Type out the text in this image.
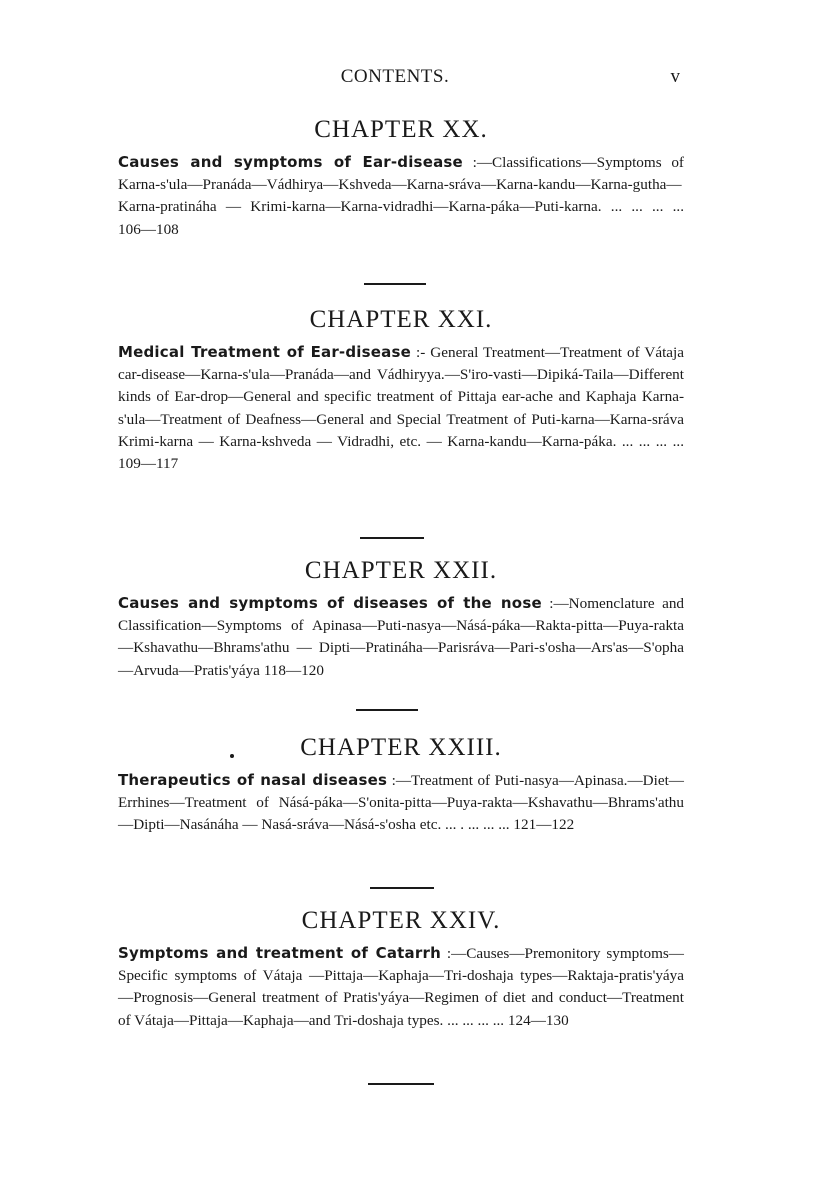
CONTENTS.	v
CHAPTER XX.
Causes and symptoms of Ear-disease :—Classifications—Symptoms of Karna-s'ula—Pranáda—Vádhirya—Kshveda—Karna-sráva—Karna-kandu—Karna-gutha—Karna-pratináha — Krimi-karna—Karna-vidradhi—Karna-páka—Puti-karna. ... ... ... ... 106—108
CHAPTER XXI.
Medical Treatment of Ear-disease :- General Treatment—Treatment of Vátaja car-disease—Karna-s'ula—Pranáda—and Vádhiryya.—S'iro-vasti—Dipiká-Taila—Different kinds of Ear-drop—General and specific treatment of Pittaja ear-ache and Kaphaja Karna-s'ula—Treatment of Deafness—General and Special Treatment of Puti-karna—Karna-sráva Krimi-karna — Karna-kshveda — Vidradhi, etc. — Karna-kandu—Karna-páka. ... ... ... ... 109—117
CHAPTER XXII.
Causes and symptoms of diseases of the nose :—Nomenclature and Classification—Symptoms of Apinasa—Puti-nasya—Násá-páka—Rakta-pitta—Puya-rakta—Kshavathu—Bhrams'athu — Dipti—Pratináha—Parisráva—Pari-s'osha—Ars'as—S'opha—Arvuda—Pratis'yáya 118—120
CHAPTER XXIII.
Therapeutics of nasal diseases :—Treatment of Puti-nasya—Apinasa.—Diet—Errhines—Treatment of Násá-páka—S'onita-pitta—Puya-rakta—Kshavathu—Bhrams'athu—Dipti—Nasánáha — Nasá-sráva—Násá-s'osha etc. ... . ... ... ... 121—122
CHAPTER XXIV.
Symptoms and treatment of Catarrh :—Causes—Premonitory symptoms—Specific symptoms of Vátaja —Pittaja—Kaphaja—Tri-doshaja types—Raktaja-pratis'yáya—Prognosis—General treatment of Pratis'yáya—Regimen of diet and conduct—Treatment of Vátaja—Pittaja—Kaphaja—and Tri-doshaja types. ... ... ... ... 124—130
